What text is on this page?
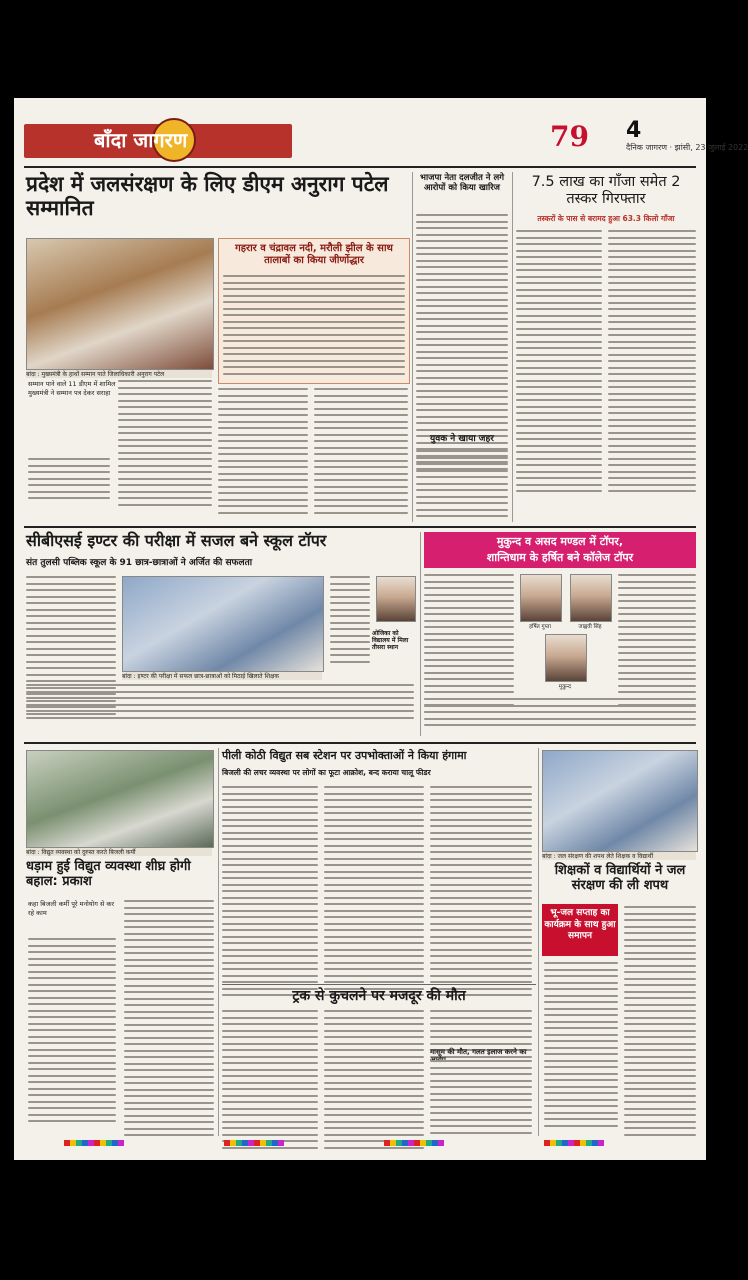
बाँदा जागरण	79 4
दैनिक जागरण · झांसी, 23 जुलाई 2022
प्रदेश में जलसंरक्षण के लिए डीएम अनुराग पटेल सम्मानित
बांदा : मुख्यमंत्री के हाथों सम्मान पाते जिलाधिकारी अनुराग पटेल
सम्मान पाने वाले 11 डीएम में शामिल
मुख्यमंत्री ने सम्मान पत्र देकर सराहा
गहरार व चंद्रावल नदी, मरौली झील के साथ तालाबों का किया जीर्णोद्धार
भाजपा नेता दलजीत ने लगे आरोपों को किया खारिज
युवक ने खाया जहर
7.5 लाख का गाँजा समेत 2 तस्कर गिरफ्तार
तस्करों के पास से बरामद हुआ 63.3 किलो गाँजा
सीबीएसई इण्टर की परीक्षा में सजल बने स्कूल टॉपर
संत तुलसी पब्लिक स्कूल के 91 छात्र-छात्राओं ने अर्जित की सफलता
बांदा : इण्टर की परीक्षा में सफल छात्र-छात्राओं को मिठाई खिलाते शिक्षक
ओजिका को विद्यालय में मिला तीसरा स्थान
मुकुन्द व असद मण्डल में टॉपर,
शान्तिधाम के हर्षित बने कॉलेज टॉपर
हर्षित गुप्ता	जाह्नवी सिंह
मुकुन्द
बांदा : विद्युत व्यवस्था को दुरुस्त करते बिजली कर्मी
धड़ाम हुई विद्युत व्यवस्था शीघ्र होगी बहाल: प्रकाश
कहा बिजली कर्मी पूरे मनोयोग से कर रहे काम
पीली कोठी विद्युत सब स्टेशन पर उपभोक्ताओं ने किया हंगामा
बिजली की लचर व्यवस्था पर लोगों का फूटा आक्रोश, बन्द कराया चालू फीडर
ट्रक से कुचलने पर मजदूर की मौत
मासूम की मौत, गलत इलाज करने का
बांदा : जल संरक्षण की शपथ लेते शिक्षक व विद्यार्थी
शिक्षकों व विद्यार्थियों ने जल संरक्षण की ली शपथ
भू-जल सप्ताह का कार्यक्रम के साथ हुआ समापन
